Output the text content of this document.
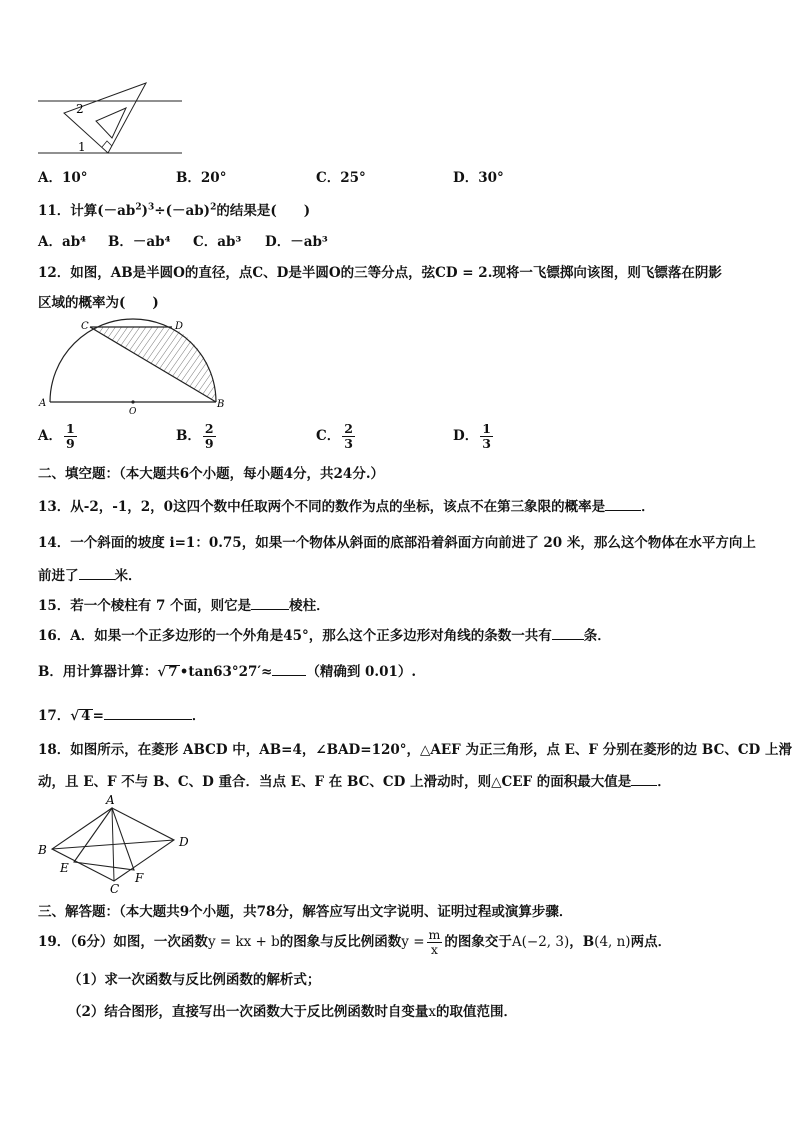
2
1
A．10°	B．20°	C．25°	D．30°
11．计算$(-ab^2)^3\div(-ab)^2$的结果是(　　)
A．ab⁴ B．－ab⁴ C．ab³ D．－ab³
12．如图，AB是半圆O的直径，点C、D是半圆O的三等分点，弦CD = 2.现将一飞镖掷向该图，则飞镖落在阴影
区域的概率为(　　)
C	D
A	B
O
A． $\frac{1}{9}$	B． $\frac{2}{9}$	C． $\frac{2}{3}$	D． $\frac{1}{3}$
二、填空题：（本大题共6个小题，每小题4分，共24分.）
13．从-2，-1，2，0这四个数中任取两个不同的数作为点的坐标，该点不在第三象限的概率是	．
14．一个斜面的坡度 i=1：0.75，如果一个物体从斜面的底部沿着斜面方向前进了 20 米，那么这个物体在水平方向上
前进了	米．
15．若一个棱柱有 7 个面，则它是	棱柱．
16．A．如果一个正多边形的一个外角是45°，那么这个正多边形对角线的条数一共有 条．
B．用计算器计算：√ 7 •tan63°27′≈	（精确到 0.01）.
17．√ 4 =	．
18．如图所示，在菱形 ABCD 中，AB=4，∠BAD=120°，△AEF 为正三角形，点 E、F 分别在菱形的边 BC、CD 上滑
动，且 E、F 不与 B、C、D 重合．当点 E、F 在 BC、CD 上滑动时，则△CEF 的面积最大值是 ．
A
B
C
D
E
F
三、解答题：（本大题共9个小题，共78分，解答应写出文字说明、证明过程或演算步骤．
19．（6分）如图，一次函数y = kx + b的图象与反比例函数$y = \frac{m}{x}$ 的图象交于A(−2, 3)，B(4, n)两点．
（1）求一次函数与反比例函数的解析式；
（2）结合图形，直接写出一次函数大于反比例函数时自变量x的取值范围．
